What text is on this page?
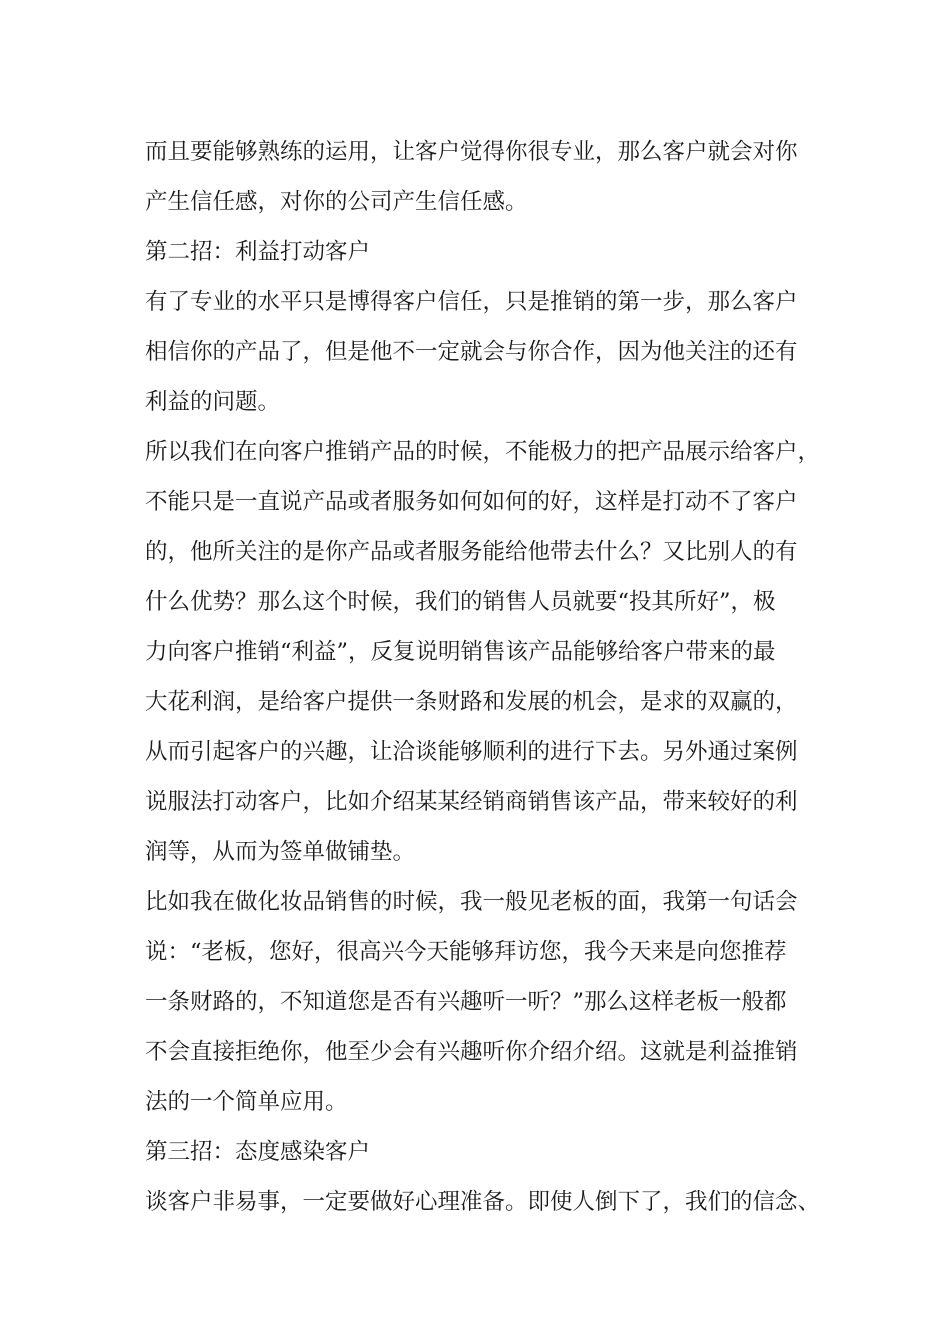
而且要能够熟练的运用，让客户觉得你很专业，那么客户就会对你
产生信任感，对你的公司产生信任感。
第二招：利益打动客户
有了专业的水平只是博得客户信任，只是推销的第一步，那么客户
相信你的产品了，但是他不一定就会与你合作，因为他关注的还有
利益的问题。
所以我们在向客户推销产品的时候，不能极力的把产品展示给客户，
不能只是一直说产品或者服务如何如何的好，这样是打动不了客户
的，他所关注的是你产品或者服务能给他带去什么？又比别人的有
什么优势？那么这个时候，我们的销售人员就要“投其所好”，极
力向客户推销“利益”，反复说明销售该产品能够给客户带来的最
大花利润，是给客户提供一条财路和发展的机会，是求的双赢的，
从而引起客户的兴趣，让洽谈能够顺利的进行下去。另外通过案例
说服法打动客户，比如介绍某某经销商销售该产品，带来较好的利
润等，从而为签单做铺垫。
比如我在做化妆品销售的时候，我一般见老板的面，我第一句话会
说：“老板，您好，很高兴今天能够拜访您，我今天来是向您推荐
一条财路的，不知道您是否有兴趣听一听？”那么这样老板一般都
不会直接拒绝你，他至少会有兴趣听你介绍介绍。这就是利益推销
法的一个简单应用。
第三招：态度感染客户
谈客户非易事，一定要做好心理准备。即使人倒下了，我们的信念、
